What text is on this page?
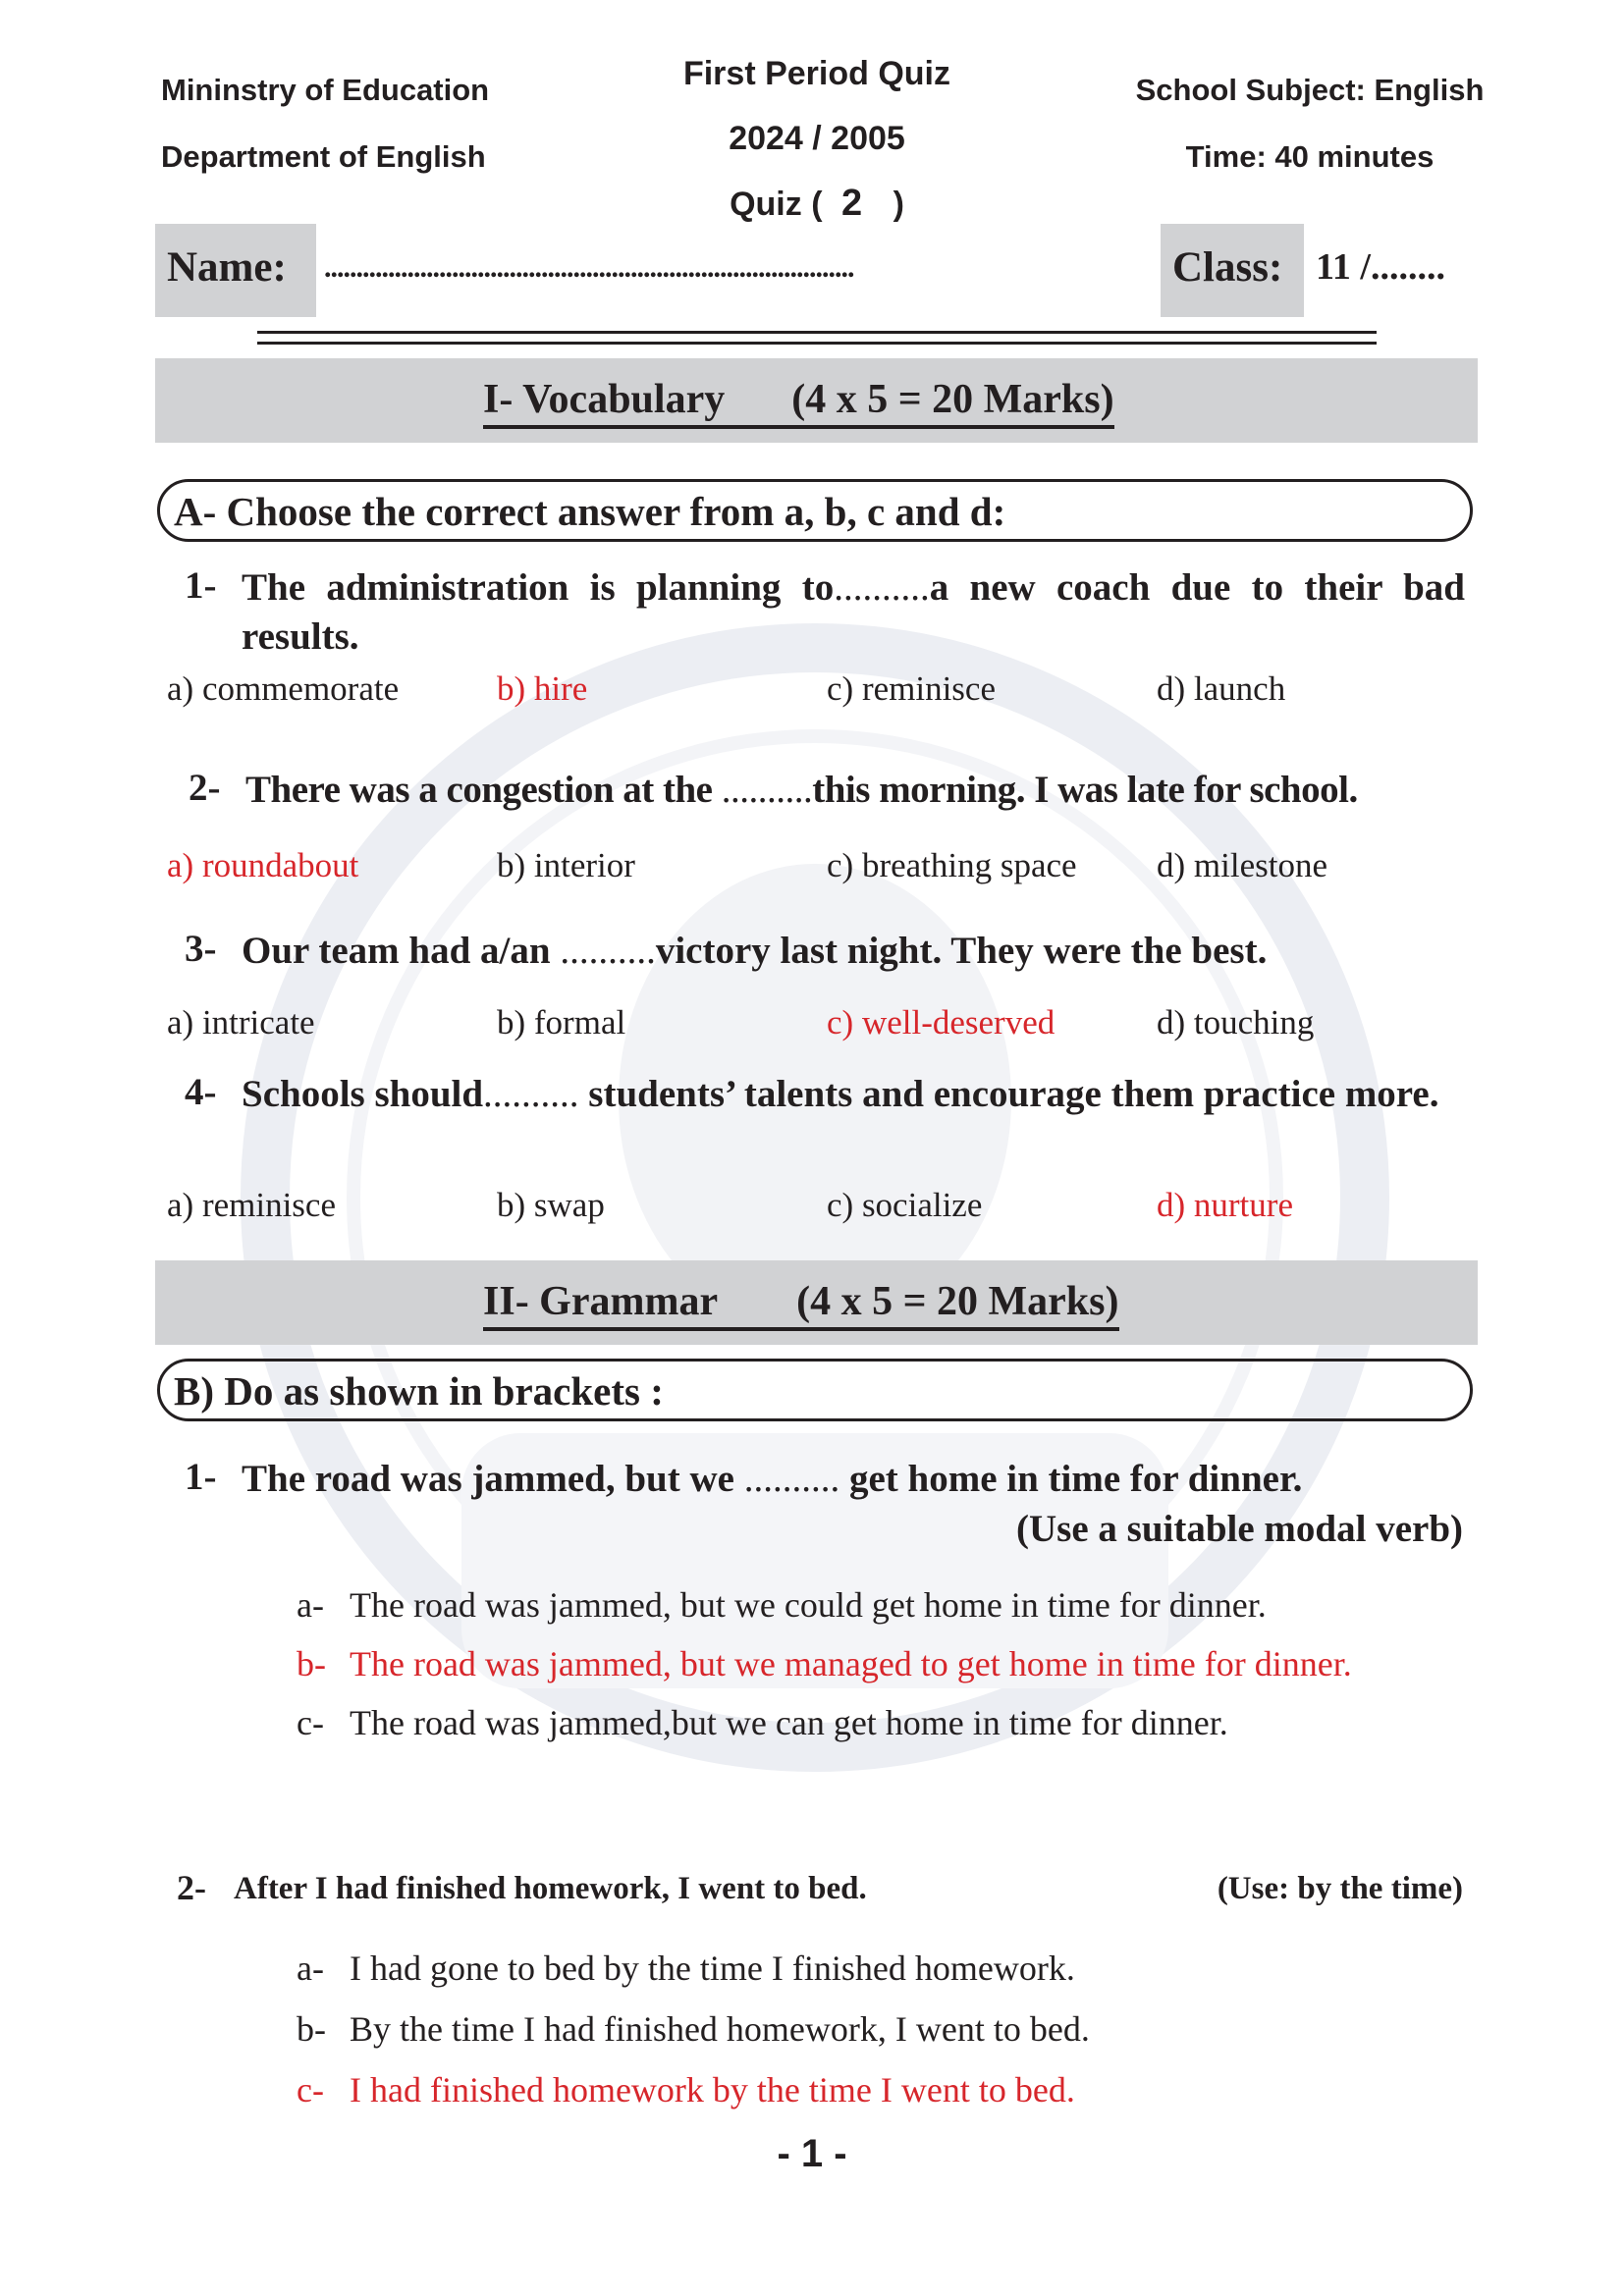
Mininstry of Education
Department of English
First Period Quiz
2024 / 2005
Quiz ( 2 )
School Subject: English
Time: 40 minutes
Name: ...................................................................................	Class: 11 /........
I- Vocabulary (4 x 5 = 20 Marks)
A- Choose the correct answer from a, b, c and d:
1- The administration is planning to..........a new coach due to their bad results.
a) commemorate	b) hire	c) reminisce	d) launch
2- There was a congestion at the ..........this morning. I was late for school.
a) roundabout	b) interior	c) breathing space d) milestone
3- Our team had a/an ..........victory last night. They were the best.
a) intricate	b) formal	c) well-deserved	d) touching
4- Schools should.......... students’ talents and encourage them practice more.
a) reminisce	b) swap	c) socialize	d) nurture
II- Grammar (4 x 5 = 20 Marks)
B) Do as shown in brackets :
1- The road was jammed, but we .......... get home in time for dinner.
(Use a suitable modal verb)
a- The road was jammed, but we could get home in time for dinner.
b- The road was jammed, but we managed to get home in time for dinner.
c- The road was jammed,but we can get home in time for dinner.
2- After I had finished homework, I went to bed.	(Use: by the time)
a- I had gone to bed by the time I finished homework.
b- By the time I had finished homework, I went to bed.
c- I had finished homework by the time I went to bed.
- 1 -
